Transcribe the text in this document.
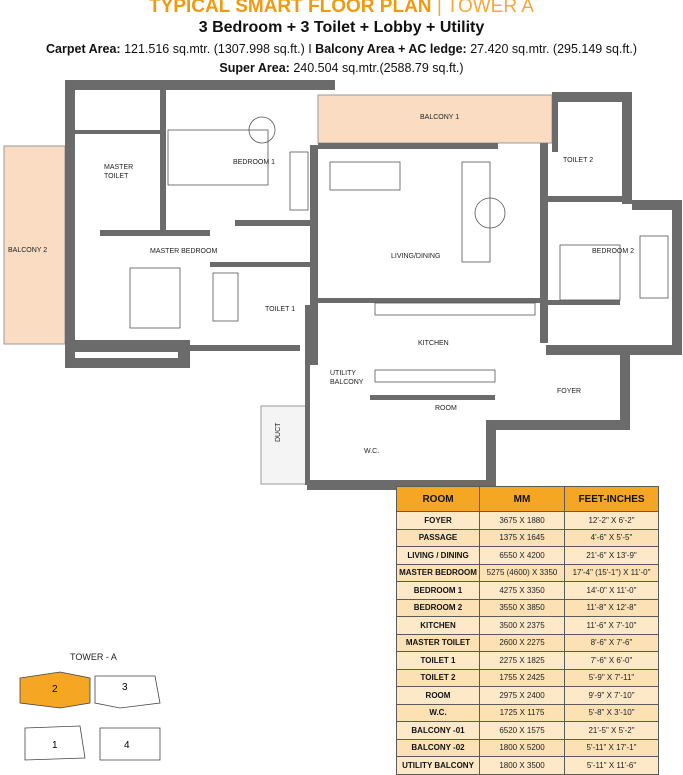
TYPICAL SMART FLOOR PLAN | TOWER A
3 Bedroom + 3 Toilet + Lobby + Utility
Carpet Area: 121.516 sq.mtr. (1307.998 sq.ft.) I Balcony Area + AC ledge: 27.420 sq.mtr. (295.149 sq.ft.)
Super Area: 240.504 sq.mtr.(2588.79 sq.ft.)
BALCONY 1
BALCONY 2
MASTER
TOILET
BEDROOM 1	TOILET 2
LIVING/DINING
MASTER BEDROOM	BEDROOM 2
TOILET 1
KITCHEN
UTILITY
BALCONY
FOYER
ROOM
W.C.
DUCT
TOWER - A
2	3
1	4
ROOM	MM	FEET-INCHES
FOYER	3675 X 1880	12'-2" X 6'-2"
PASSAGE	1375 X 1645	4'-6" X 5'-5"
LIVING / DINING	6550 X 4200	21'-6" X 13'-9"
MASTER BEDROOM	5275 (4600) X 3350	17'-4" (15'-1") X 11'-0"
BEDROOM 1	4275 X 3350	14'-0" X 11'-0"
BEDROOM 2	3550 X 3850	11'-8" X 12'-8"
KITCHEN	3500 X 2375	11'-6" X 7'-10"
MASTER TOILET	2600 X 2275	8'-6" X 7'-6"
TOILET 1	2275 X 1825	7'-6" X 6'-0"
TOILET 2	1755 X 2425	5'-9" X 7'-11"
ROOM	2975 X 2400	9'-9" X 7'-10"
W.C.	1725 X 1175	5'-8" X 3'-10"
BALCONY -01	6520 X 1575	21'-5" X 5'-2"
BALCONY -02	1800 X 5200	5'-11" X 17'-1"
UTILITY BALCONY	1800 X 3500	5'-11" X 11'-6"
